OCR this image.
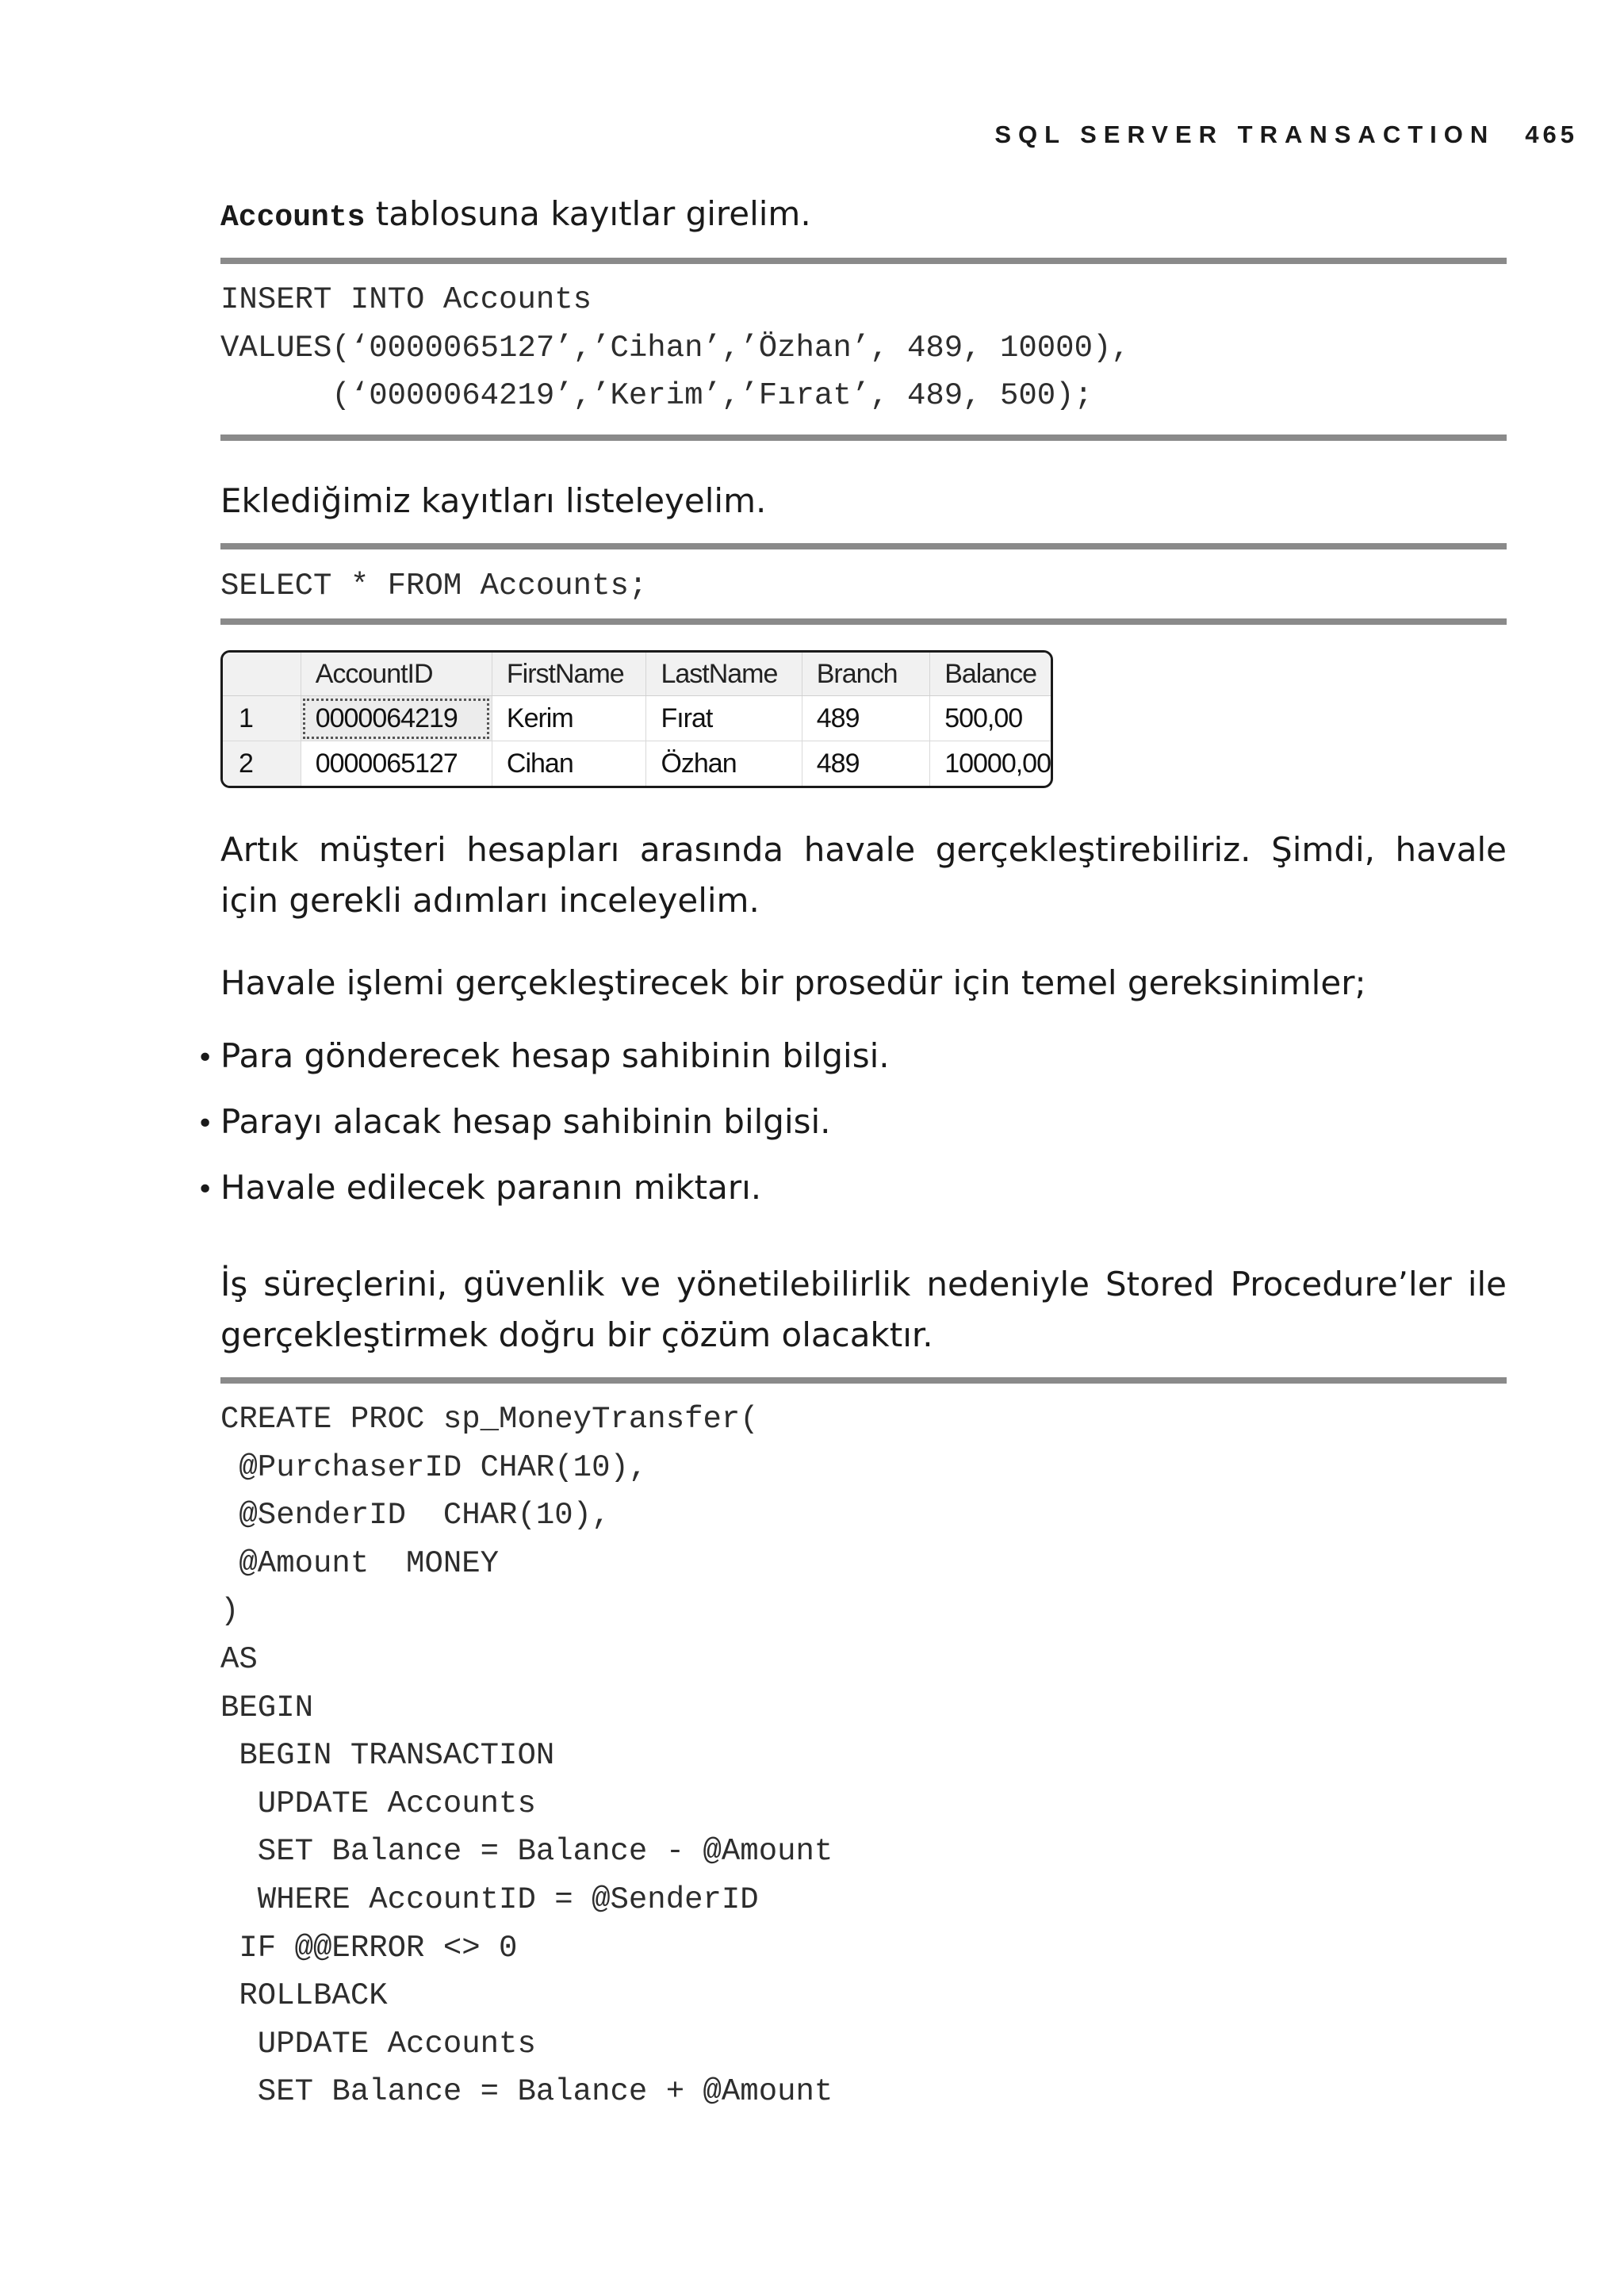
SQL SERVER TRANSACTION 465
Accounts tablosuna kayıtlar girelim.
INSERT INTO Accounts
VALUES(‘0000065127’,’Cihan’,’Özhan’, 489, 10000),
(‘0000064219’,’Kerim’,’Fırat’, 489, 500);
Eklediğimiz kayıtları listeleyelim.
SELECT * FROM Accounts;
	AccountID	FirstName	LastName	Branch	Balance
1	0000064219	Kerim	Fırat	489	500,00
2	0000065127	Cihan	Özhan	489	10000,00
Artık müşteri hesapları arasında havale gerçekleştirebiliriz. Şimdi, havale için gerekli adımları inceleyelim.
Havale işlemi gerçekleştirecek bir prosedür için temel gereksinimler;
• Para gönderecek hesap sahibinin bilgisi.
• Parayı alacak hesap sahibinin bilgisi.
• Havale edilecek paranın miktarı.
İş süreçlerini, güvenlik ve yönetilebilirlik nedeniyle Stored Procedure’ler ile gerçekleştirmek doğru bir çözüm olacaktır.
CREATE PROC sp_MoneyTransfer(
@PurchaserID CHAR(10),
@SenderID  CHAR(10),
@Amount  MONEY
)
AS
BEGIN
BEGIN TRANSACTION
UPDATE Accounts
SET Balance = Balance - @Amount
WHERE AccountID = @SenderID
IF @@ERROR <> 0
ROLLBACK
UPDATE Accounts
SET Balance = Balance + @Amount
